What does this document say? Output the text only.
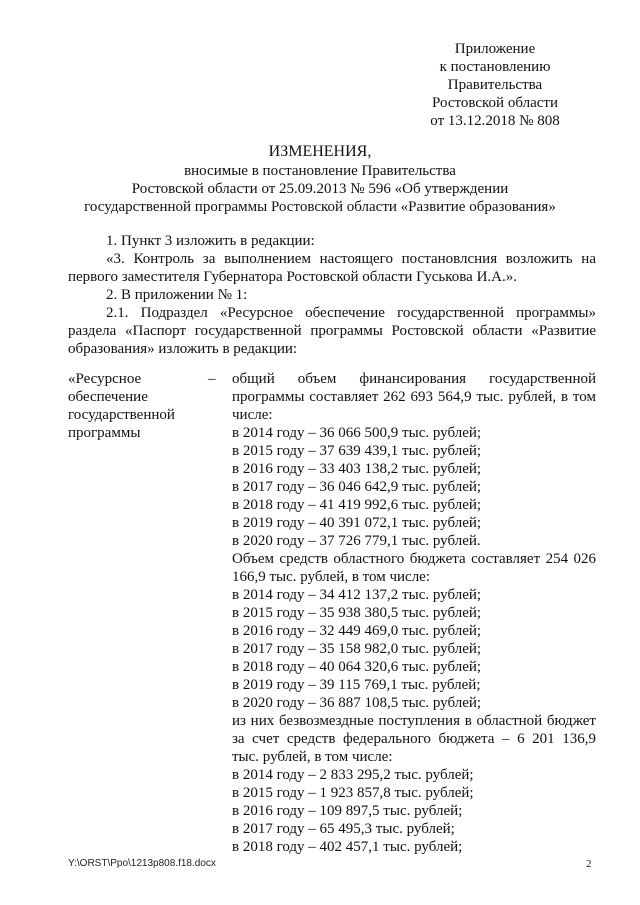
Приложение
к постановлению
Правительства
Ростовской области
от 13.12.2018 № 808
ИЗМЕНЕНИЯ,
вносимые в постановление Правительства
Ростовской области от 25.09.2013 № 596 «Об утверждении
государственной программы Ростовской области «Развитие образования»

1. Пункт 3 изложить в редакции:

«3. Контроль за выполнением настоящего постановлсния возложить на первого заместителя Губернатора Ростовской области Гуськова И.А.».

2. В приложении № 1:

2.1. Подраздел «Ресурсное обеспечение государственной программы» раздела «Паспорт государственной программы Ростовской области «Развитие образования» изложить в редакции:

«Ресурсное обеспечение государственной программы
–	общий объем финансирования государственной программы составляет 262 693 564,9 тыс. рублей, в том числе:
в 2014 году – 36 066 500,9 тыс. рублей;
в 2015 году – 37 639 439,1 тыс. рублей;
в 2016 году – 33 403 138,2 тыс. рублей;
в 2017 году – 36 046 642,9 тыс. рублей;
в 2018 году – 41 419 992,6 тыс. рублей;
в 2019 году – 40 391 072,1 тыс. рублей;
в 2020 году – 37 726 779,1 тыс. рублей.
Объем средств областного бюджета составляет 254 026 166,9 тыс. рублей, в том числе:
в 2014 году – 34 412 137,2 тыс. рублей;
в 2015 году – 35 938 380,5 тыс. рублей;
в 2016 году – 32 449 469,0 тыс. рублей;
в 2017 году – 35 158 982,0 тыс. рублей;
в 2018 году – 40 064 320,6 тыс. рублей;
в 2019 году – 39 115 769,1 тыс. рублей;
в 2020 году – 36 887 108,5 тыс. рублей;
из них безвозмездные поступления в областной бюджет за счет средств федерального бюджета – 6 201 136,9 тыс. рублей, в том числе:
в 2014 году – 2 833 295,2 тыс. рублей;
в 2015 году – 1 923 857,8 тыс. рублей;
в 2016 году – 109 897,5 тыс. рублей;
в 2017 году – 65 495,3 тыс. рублей;
в 2018 году – 402 457,1 тыс. рублей;
Y:\ORST\Ppo\1213p808.f18.docx	2
